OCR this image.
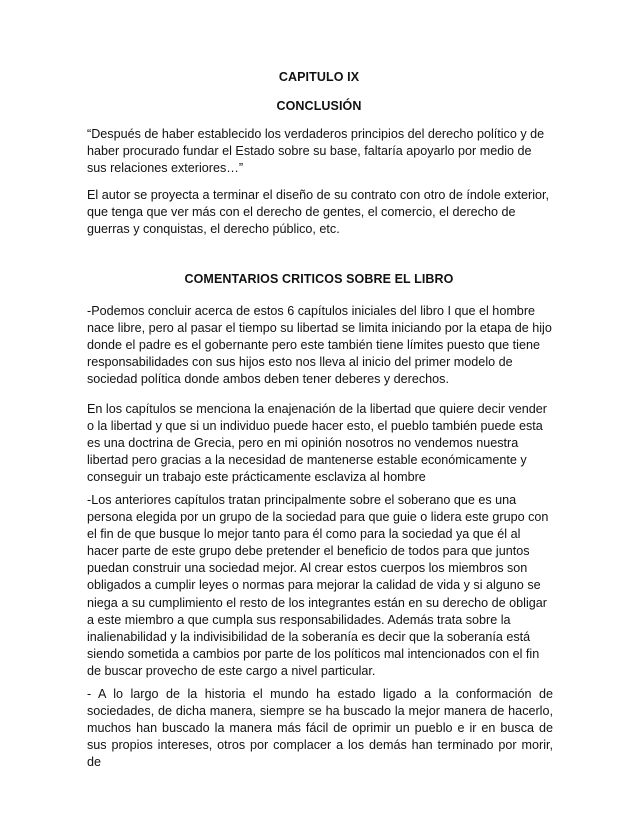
CAPITULO IX
CONCLUSIÓN

“Después de haber establecido los verdaderos principios del derecho político y de haber procurado fundar el Estado sobre su base, faltaría apoyarlo por medio de sus relaciones exteriores…”

El autor se proyecta a terminar el diseño de su contrato con otro de índole exterior, que tenga que ver más con el derecho de gentes, el comercio, el derecho de guerras y conquistas, el derecho público, etc.

COMENTARIOS CRITICOS SOBRE EL LIBRO

-Podemos concluir acerca de estos 6 capítulos iniciales del libro I que el hombre nace libre, pero al pasar el tiempo su libertad se limita iniciando por la etapa de hijo donde el padre es el gobernante pero este también tiene límites puesto que tiene responsabilidades con sus hijos esto nos lleva al inicio del primer modelo de sociedad política donde ambos deben tener deberes y derechos.

En los capítulos se menciona la enajenación de la libertad que quiere decir vender o la libertad y que si un individuo puede hacer esto, el pueblo también puede esta es una doctrina de Grecia, pero en mi opinión nosotros no vendemos nuestra libertad pero gracias a la necesidad de mantenerse estable económicamente y conseguir un trabajo este prácticamente esclaviza al hombre

-Los anteriores capítulos tratan principalmente sobre el soberano que es una persona elegida por un grupo de la sociedad para que guie o lidera este grupo con el fin de que busque lo mejor tanto para él como para la sociedad ya que él al hacer parte de este grupo debe pretender el beneficio de todos para que juntos puedan construir una sociedad mejor. Al crear estos cuerpos los miembros son obligados a cumplir leyes o normas para mejorar la calidad de vida y si alguno se niega a su cumplimiento el resto de los integrantes están en su derecho de obligar a este miembro a que cumpla sus responsabilidades. Además trata sobre la inalienabilidad y la indivisibilidad de la soberanía es decir que la soberanía está siendo sometida a cambios por parte de los políticos mal intencionados con el fin de buscar provecho de este cargo a nivel particular.

- A lo largo de la historia el mundo ha estado ligado a la conformación de sociedades, de dicha manera, siempre se ha buscado la mejor manera de hacerlo, muchos han buscado la manera más fácil de oprimir un pueblo e ir en busca de sus propios intereses, otros por complacer a los demás han terminado por morir, de
